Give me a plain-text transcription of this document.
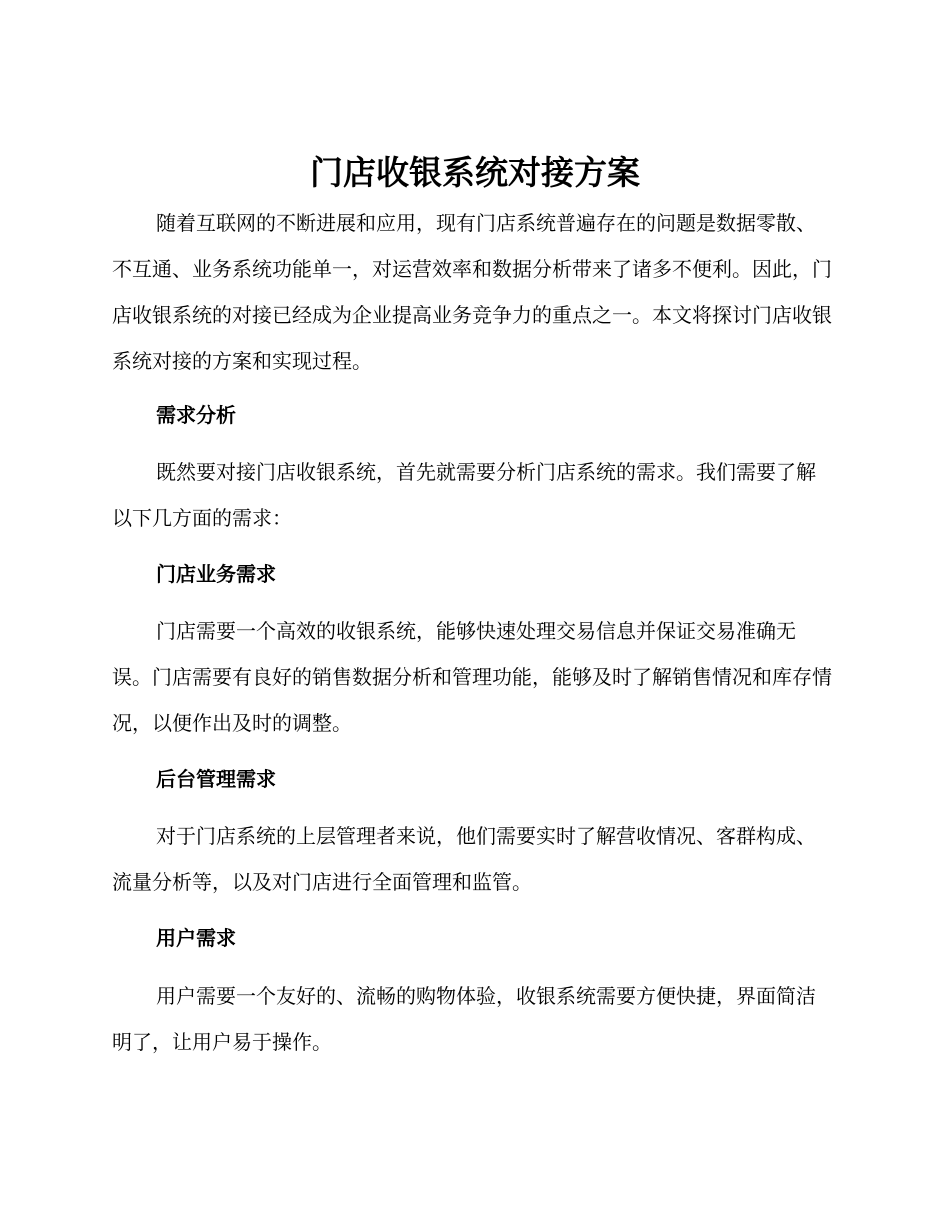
门店收银系统对接方案

随着互联网的不断进展和应用，现有门店系统普遍存在的问题是数据零散、不互通、业务系统功能单一，对运营效率和数据分析带来了诸多不便利。因此，门店收银系统的对接已经成为企业提高业务竞争力的重点之一。本文将探讨门店收银系统对接的方案和实现过程。

需求分析

既然要对接门店收银系统，首先就需要分析门店系统的需求。我们需要了解以下几方面的需求：

门店业务需求

门店需要一个高效的收银系统，能够快速处理交易信息并保证交易准确无误。门店需要有良好的销售数据分析和管理功能，能够及时了解销售情况和库存情况，以便作出及时的调整。

后台管理需求

对于门店系统的上层管理者来说，他们需要实时了解营收情况、客群构成、流量分析等，以及对门店进行全面管理和监管。

用户需求

用户需要一个友好的、流畅的购物体验，收银系统需要方便快捷，界面简洁明了，让用户易于操作。
